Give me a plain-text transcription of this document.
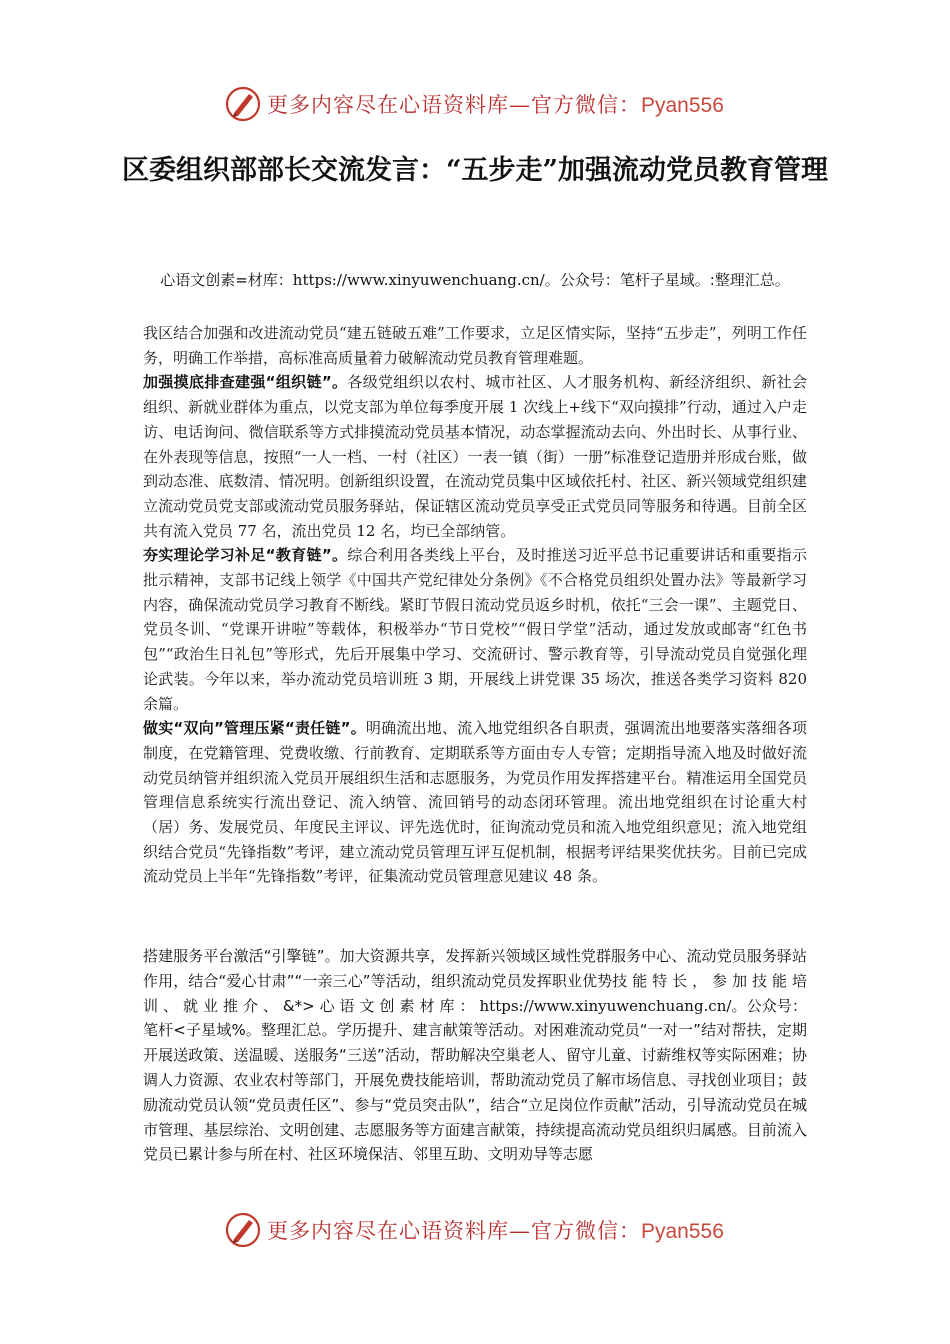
更多内容尽在心语资料库—官方微信：Pyan556
区委组织部部长交流发言：“五步走”加强流动党员教育管理
心语文创素=材库：https://www.xinyuwenchuang.cn/。公众号：笔杆子星域。:整理汇总。

我区结合加强和改进流动党员“建五链破五难”工作要求，立足区情实际，坚持“五步走”，列明工作任务，明确工作举措，高标准高质量着力破解流动党员教育管理难题。

加强摸底排查建强“组织链”。各级党组织以农村、城市社区、人才服务机构、新经济组织、新社会组织、新就业群体为重点，以党支部为单位每季度开展 1 次线上+线下“双向摸排”行动，通过入户走访、电话询问、微信联系等方式排摸流动党员基本情况，动态掌握流动去向、外出时长、从事行业、在外表现等信息，按照“一人一档、一村（社区）一表一镇（街）一册”标准登记造册并形成台账，做到动态准、底数清、情况明。创新组织设置，在流动党员集中区域依托村、社区、新兴领域党组织建立流动党员党支部或流动党员服务驿站，保证辖区流动党员享受正式党员同等服务和待遇。目前全区共有流入党员 77 名，流出党员 12 名，均已全部纳管。

夯实理论学习补足“教育链”。综合利用各类线上平台，及时推送习近平总书记重要讲话和重要指示批示精神，支部书记线上领学《中国共产党纪律处分条例》《不合格党员组织处置办法》等最新学习内容，确保流动党员学习教育不断线。紧盯节假日流动党员返乡时机，依托“三会一课”、主题党日、党员冬训、“党课开讲啦”等载体，积极举办“节日党校”“假日学堂”活动，通过发放或邮寄“红色书包”“政治生日礼包”等形式，先后开展集中学习、交流研讨、警示教育等，引导流动党员自觉强化理论武装。今年以来，举办流动党员培训班 3 期，开展线上讲党课 35 场次，推送各类学习资料 820 余篇。

做实“双向”管理压紧“责任链”。明确流出地、流入地党组织各自职责，强调流出地要落实落细各项制度，在党籍管理、党费收缴、行前教育、定期联系等方面由专人专管；定期指导流入地及时做好流动党员纳管并组织流入党员开展组织生活和志愿服务，为党员作用发挥搭建平台。精准运用全国党员管理信息系统实行流出登记、流入纳管、流回销号的动态闭环管理。流出地党组织在讨论重大村（居）务、发展党员、年度民主评议、评先选优时，征询流动党员和流入地党组织意见；流入地党组织结合党员“先锋指数”考评，建立流动党员管理互评互促机制，根据考评结果奖优扶劣。目前已完成流动党员上半年“先锋指数”考评，征集流动党员管理意见建议 48 条。

搭建服务平台激活“引擎链”。加大资源共享，发挥新兴领域区域性党群服务中心、流动党员服务驿站作用，结合“爱心甘肃”“一亲三心”等活动，组织流动党员发挥职业优势技 能 特 长 ， 参 加 技 能 培 训 、 就 业 推 介 、 &*> 心 语 文 创 素 材 库 ： https://www.xinyuwenchuang.cn/。公众号：笔杆<子星域%。整理汇总。学历提升、建言献策等活动。对困难流动党员“一对一”结对帮扶，定期开展送政策、送温暖、送服务“三送”活动，帮助解决空巢老人、留守儿童、讨薪维权等实际困难；协调人力资源、农业农村等部门，开展免费技能培训，帮助流动党员了解市场信息、寻找创业项目；鼓励流动党员认领“党员责任区”、参与“党员突击队”，结合“立足岗位作贡献”活动，引导流动党员在城市管理、基层综治、文明创建、志愿服务等方面建言献策，持续提高流动党员组织归属感。目前流入党员已累计参与所在村、社区环境保洁、邻里互助、文明劝导等志愿
更多内容尽在心语资料库—官方微信：Pyan556
